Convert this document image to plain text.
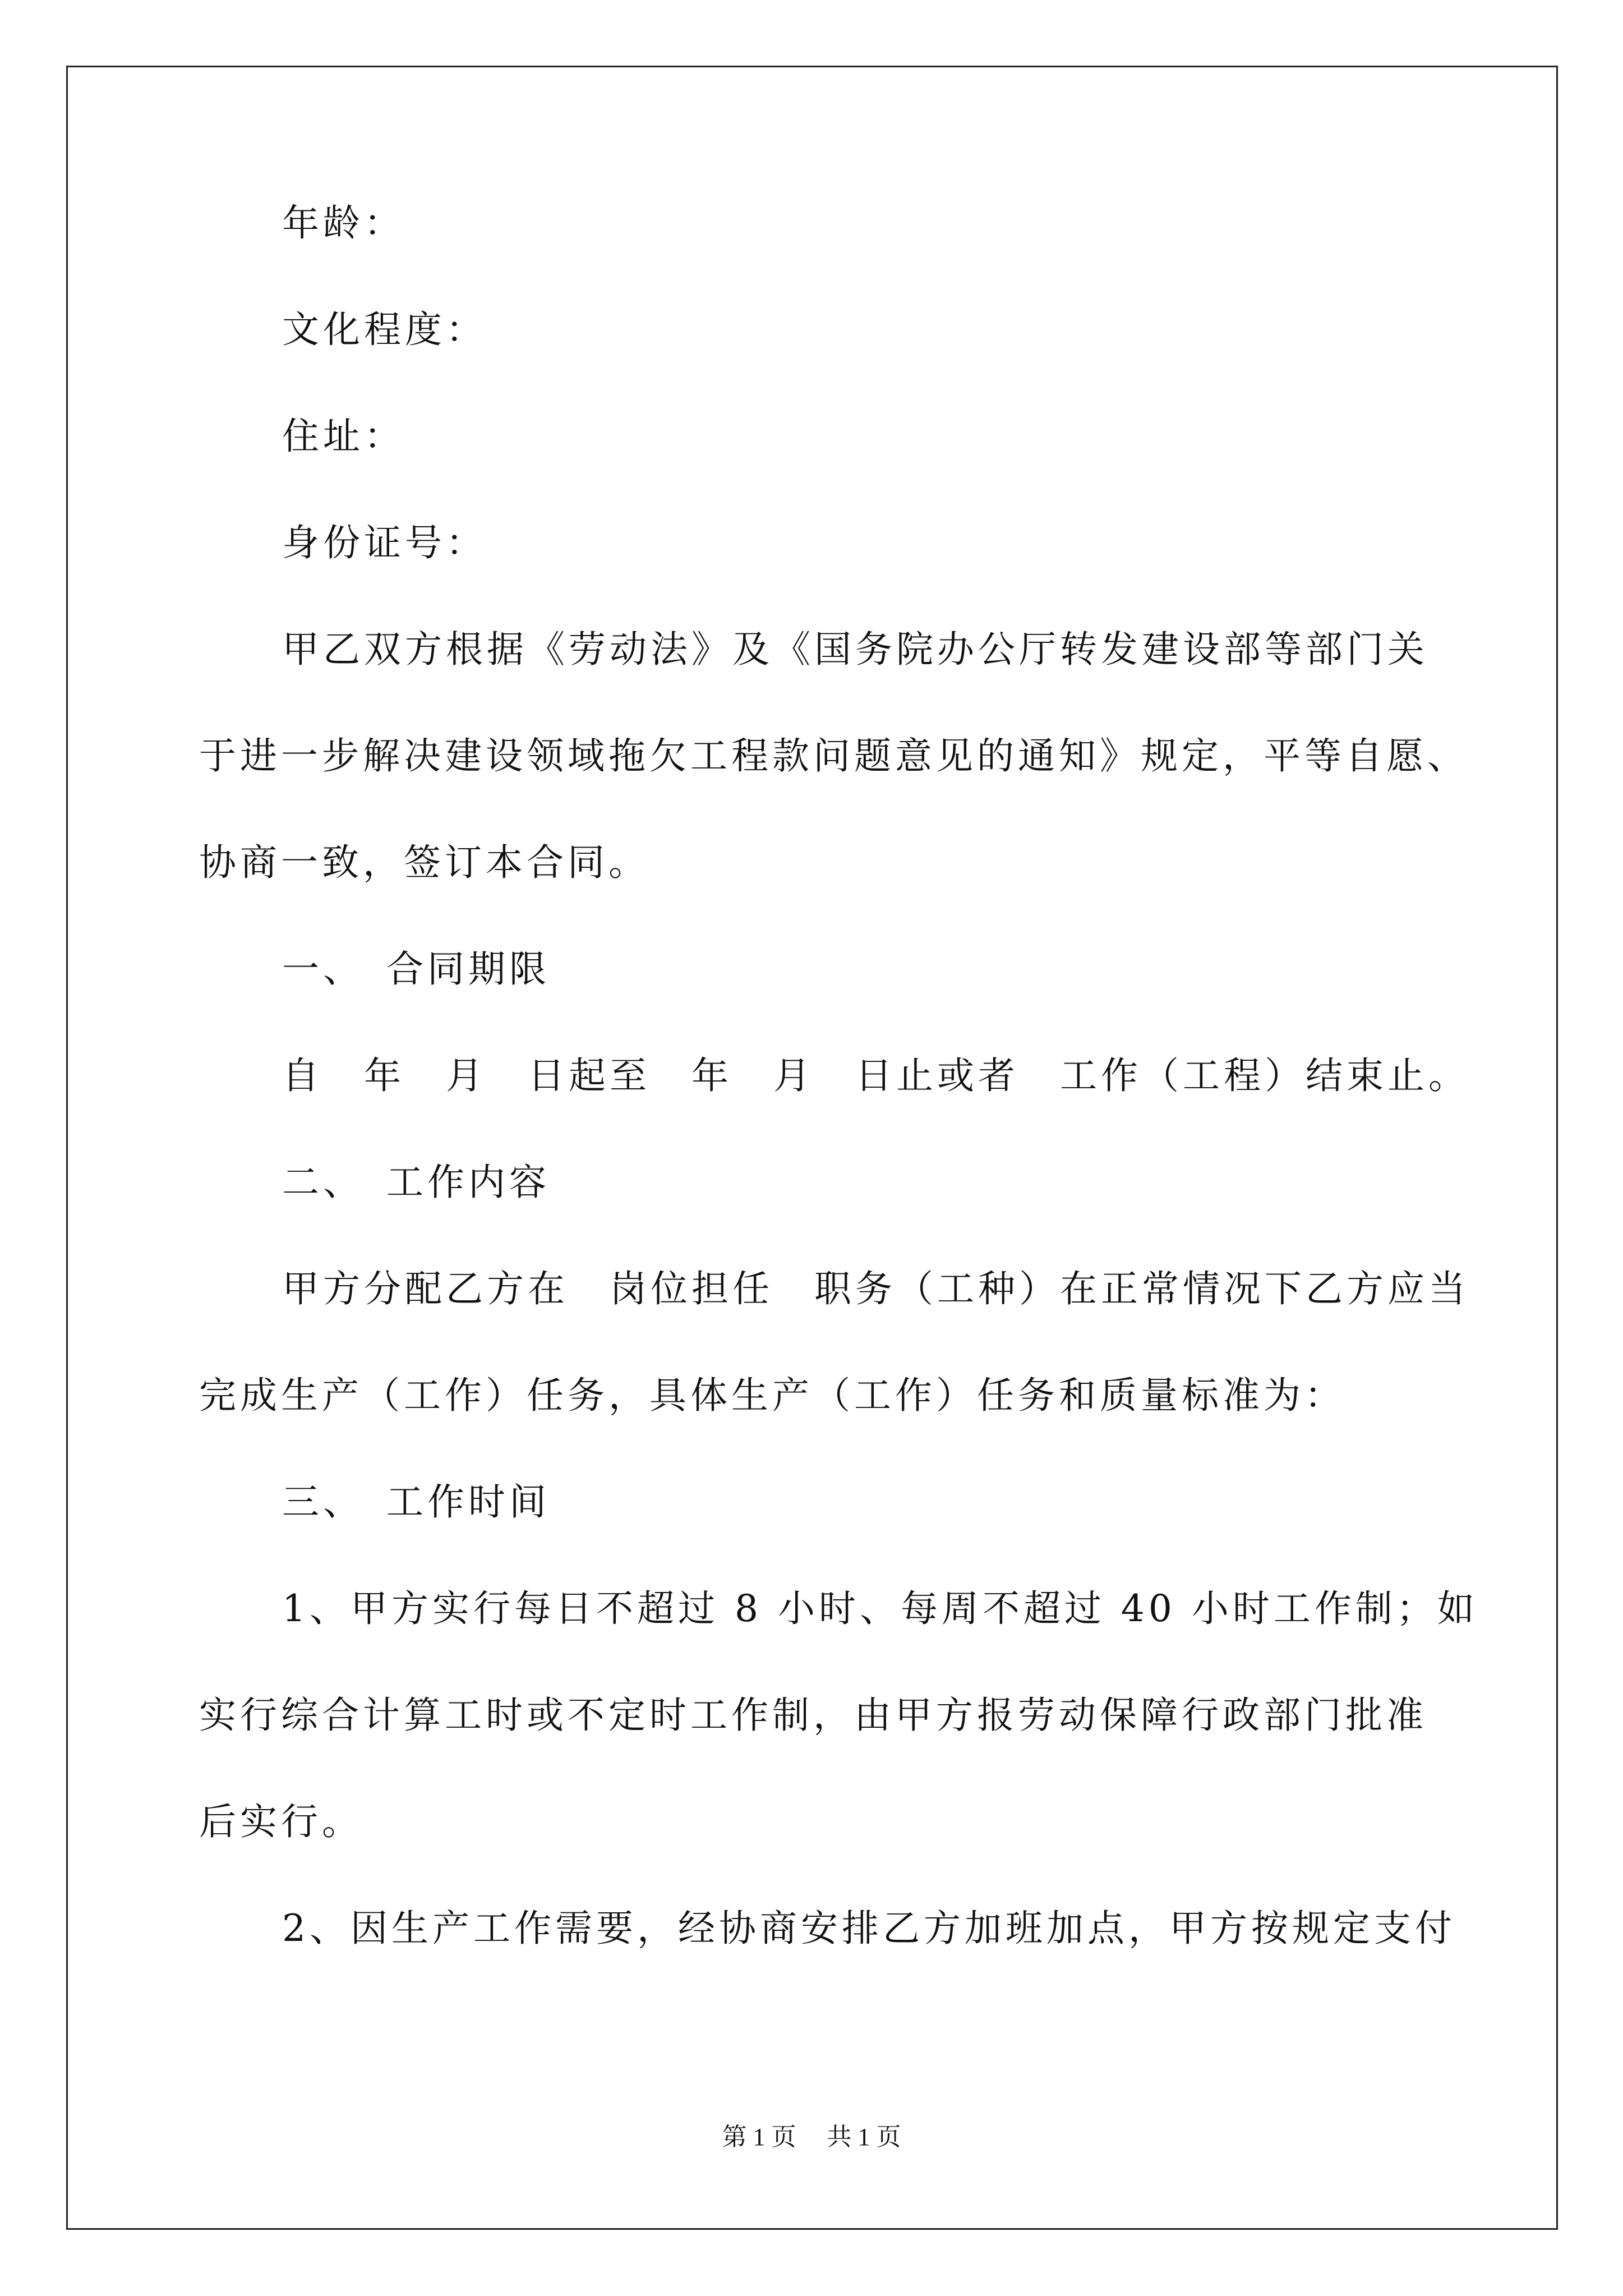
年龄：
文化程度：
住址：
身份证号：
甲乙双方根据《劳动法》及《国务院办公厅转发建设部等部门关
于进一步解决建设领域拖欠工程款问题意见的通知》规定，平等自愿、
协商一致，签订本合同。
一、　合同期限
自　年　月　日起至　年　月　日止或者　工作（工程）结束止。
二、　工作内容
甲方分配乙方在　岗位担任　职务（工种）在正常情况下乙方应当
完成生产（工作）任务，具体生产（工作）任务和质量标准为：
三、　工作时间
1、甲方实行每日不超过 8 小时、每周不超过 40 小时工作制；如
实行综合计算工时或不定时工作制，由甲方报劳动保障行政部门批准
后实行。
2、因生产工作需要，经协商安排乙方加班加点，甲方按规定支付
第 1 页　 共 1 页
